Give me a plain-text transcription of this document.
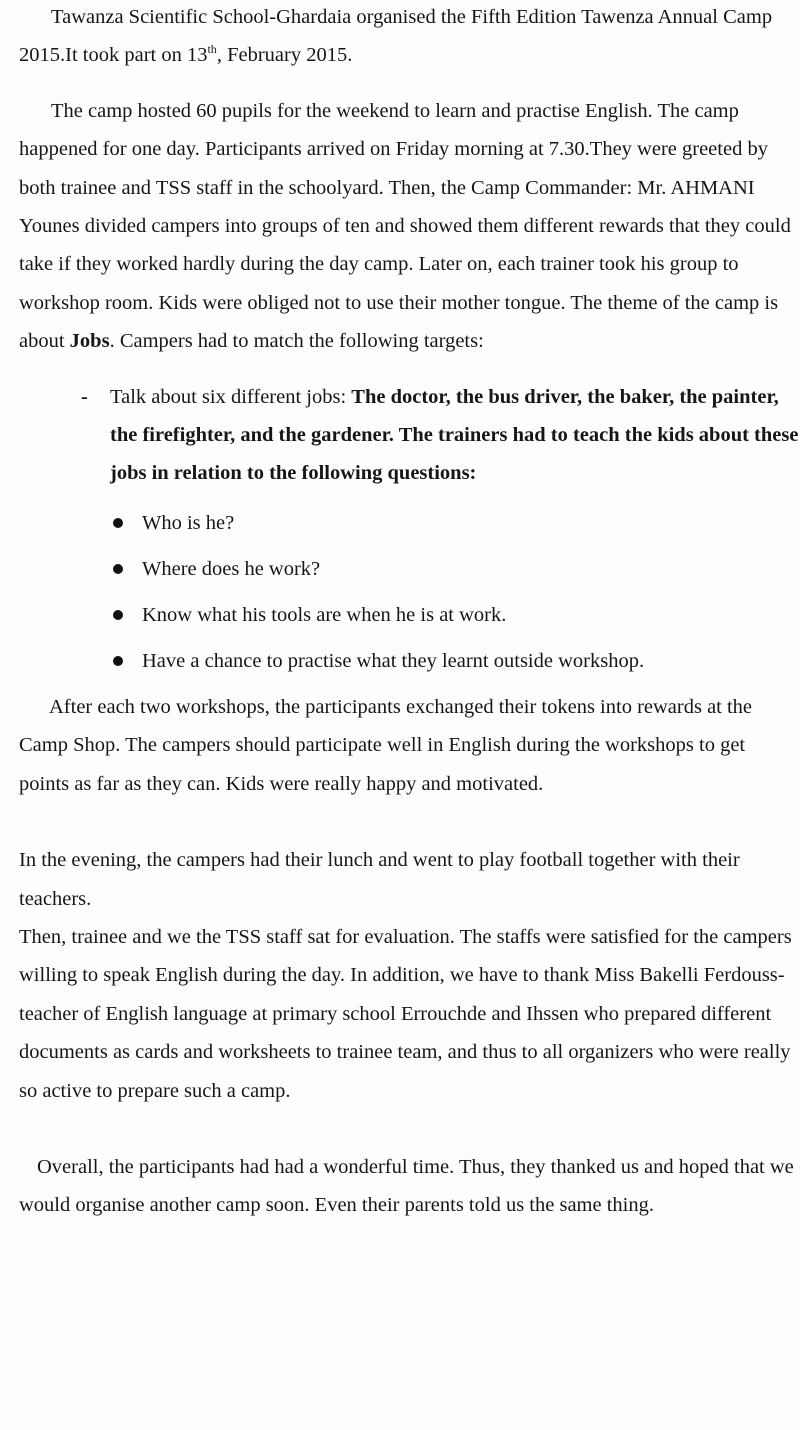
Tawanza Scientific School-Ghardaia organised the Fifth Edition Tawenza Annual Camp 2015.It took part on 13th, February 2015.

The camp hosted 60 pupils for the weekend to learn and practise English. The camp happened for one day. Participants arrived on Friday morning at 7.30.They were greeted by both trainee and TSS staff in the schoolyard. Then, the Camp Commander: Mr. AHMANI Younes divided campers into groups of ten and showed them different rewards that they could take if they worked hardly during the day camp. Later on, each trainer took his group to workshop room. Kids were obliged not to use their mother tongue. The theme of the camp is about Jobs. Campers had to match the following targets:

- Talk about six different jobs: The doctor, the bus driver, the baker, the painter, the firefighter, and the gardener. The trainers had to teach the kids about these jobs in relation to the following questions:
Who is he?
Where does he work?
Know what his tools are when he is at work.
Have a chance to practise what they learnt outside workshop.

After each two workshops, the participants exchanged their tokens into rewards at the Camp Shop. The campers should participate well in English during the workshops to get points as far as they can. Kids were really happy and motivated.

In the evening, the campers had their lunch and went to play football together with their teachers.

Then, trainee and we the TSS staff sat for evaluation. The staffs were satisfied for the campers willing to speak English during the day. In addition, we have to thank Miss Bakelli Ferdouss-teacher of English language at primary school Errouchde and Ihssen who prepared different documents as cards and worksheets to trainee team, and thus to all organizers who were really so active to prepare such a camp.

Overall, the participants had had a wonderful time. Thus, they thanked us and hoped that we would organise another camp soon. Even their parents told us the same thing.
